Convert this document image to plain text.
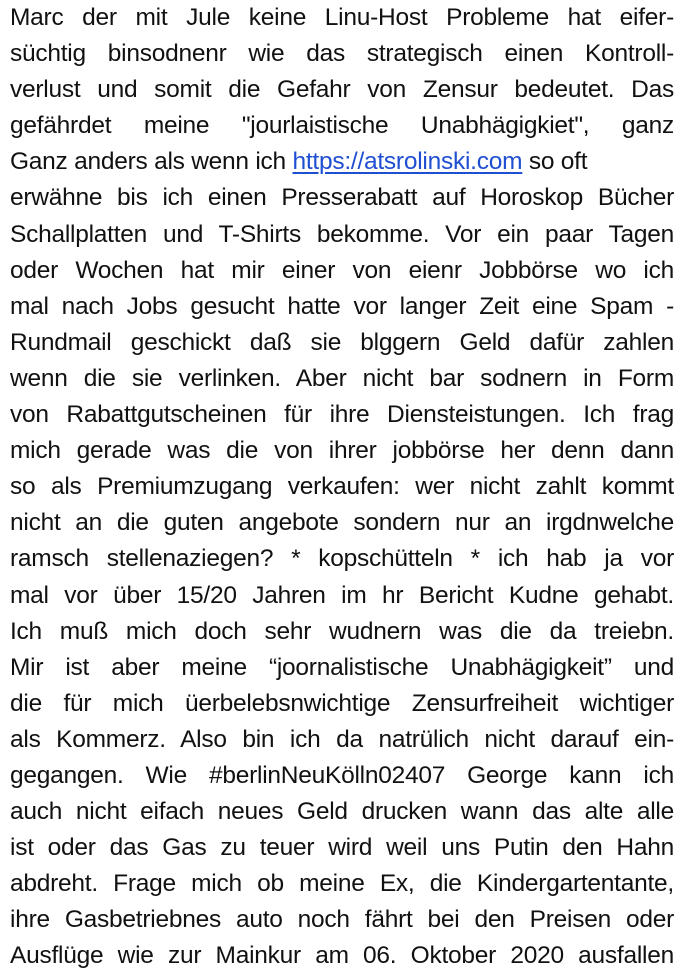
Marc der mit Jule keine Linu-Host Probleme hat eifer-
süchtig binsodnenr wie das strategisch einen Kontroll-
verlust und somit die Gefahr von Zensur bedeutet. Das
gefährdet meine "jourlaistische Unabhägigkiet", ganz
Ganz anders als wenn ich https://atsrolinski.com so oft
erwähne bis ich einen Presserabatt auf Horoskop Bücher
Schallplatten und T-Shirts bekomme. Vor ein paar Tagen
oder Wochen hat mir einer von eienr Jobbörse wo ich
mal nach Jobs gesucht hatte vor langer Zeit eine Spam -
Rundmail geschickt daß sie blggern Geld dafür zahlen
wenn die sie verlinken. Aber nicht bar sodnern in Form
von Rabattgutscheinen für ihre Diensteistungen. Ich frag
mich gerade was die von ihrer jobbörse her denn dann
so als Premiumzugang verkaufen: wer nicht zahlt kommt
nicht an die guten angebote sondern nur an irgdnwelche
ramsch stellenaziegen? * kopschütteln * ich hab ja vor
mal vor über 15/20 Jahren im hr Bericht Kudne gehabt.
Ich muß mich doch sehr wudnern was die da treiebn.
Mir ist aber meine “joornalistische Unabhägigkeit” und
die für mich üerbelebsnwichtige Zensurfreiheit wichtiger
als Kommerz. Also bin ich da natrülich nicht darauf ein-
gegangen. Wie #berlinNeuKölln02407 George kann ich
auch nicht eifach neues Geld drucken wann das alte alle
ist oder das Gas zu teuer wird weil uns Putin den Hahn
abdreht. Frage mich ob meine Ex, die Kindergartentante,
ihre Gasbetriebnes auto noch fährt bei den Preisen oder
Ausflüge wie zur Mainkur am 06. Oktober 2020 ausfallen
